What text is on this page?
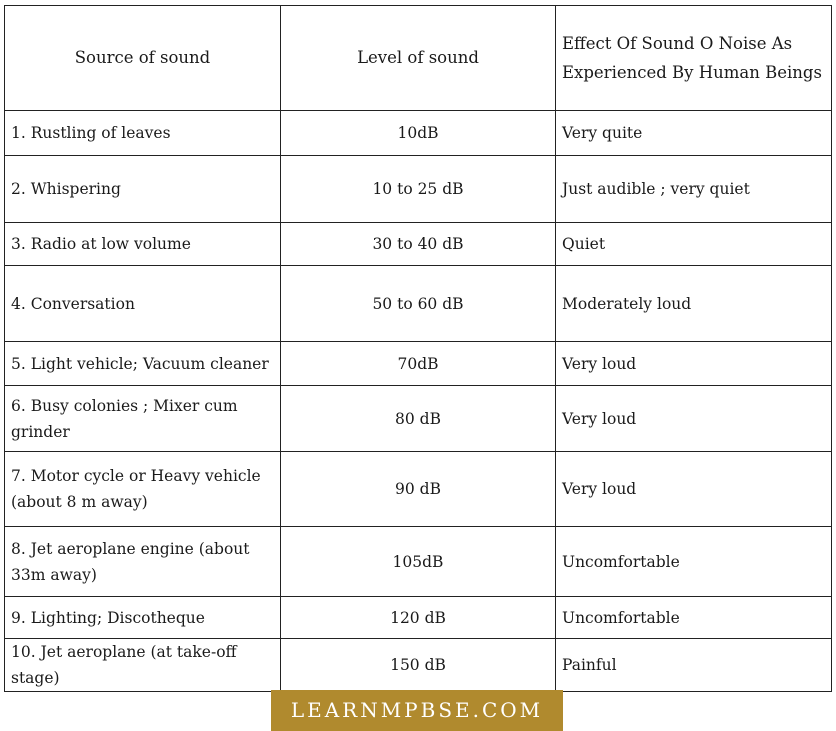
Source of sound	Level of sound	Effect Of Sound O Noise As Experienced By Human Beings
1. Rustling of leaves	10dB	Very quite
2. Whispering	10 to 25 dB	Just audible ; very quiet
3. Radio at low volume	30 to 40 dB	Quiet
4. Conversation	50 to 60 dB	Moderately loud
5. Light vehicle; Vacuum cleaner	70dB	Very loud
6. Busy colonies ; Mixer cum grinder	80 dB	Very loud
7. Motor cycle or Heavy vehicle (about 8 m away)	90 dB	Very loud
8. Jet aeroplane engine (about 33m away)	105dB	Uncomfortable
9. Lighting; Discotheque	120 dB	Uncomfortable
10. Jet aeroplane (at take-off stage)	150 dB	Painful
LEARNMPBSE.COM
